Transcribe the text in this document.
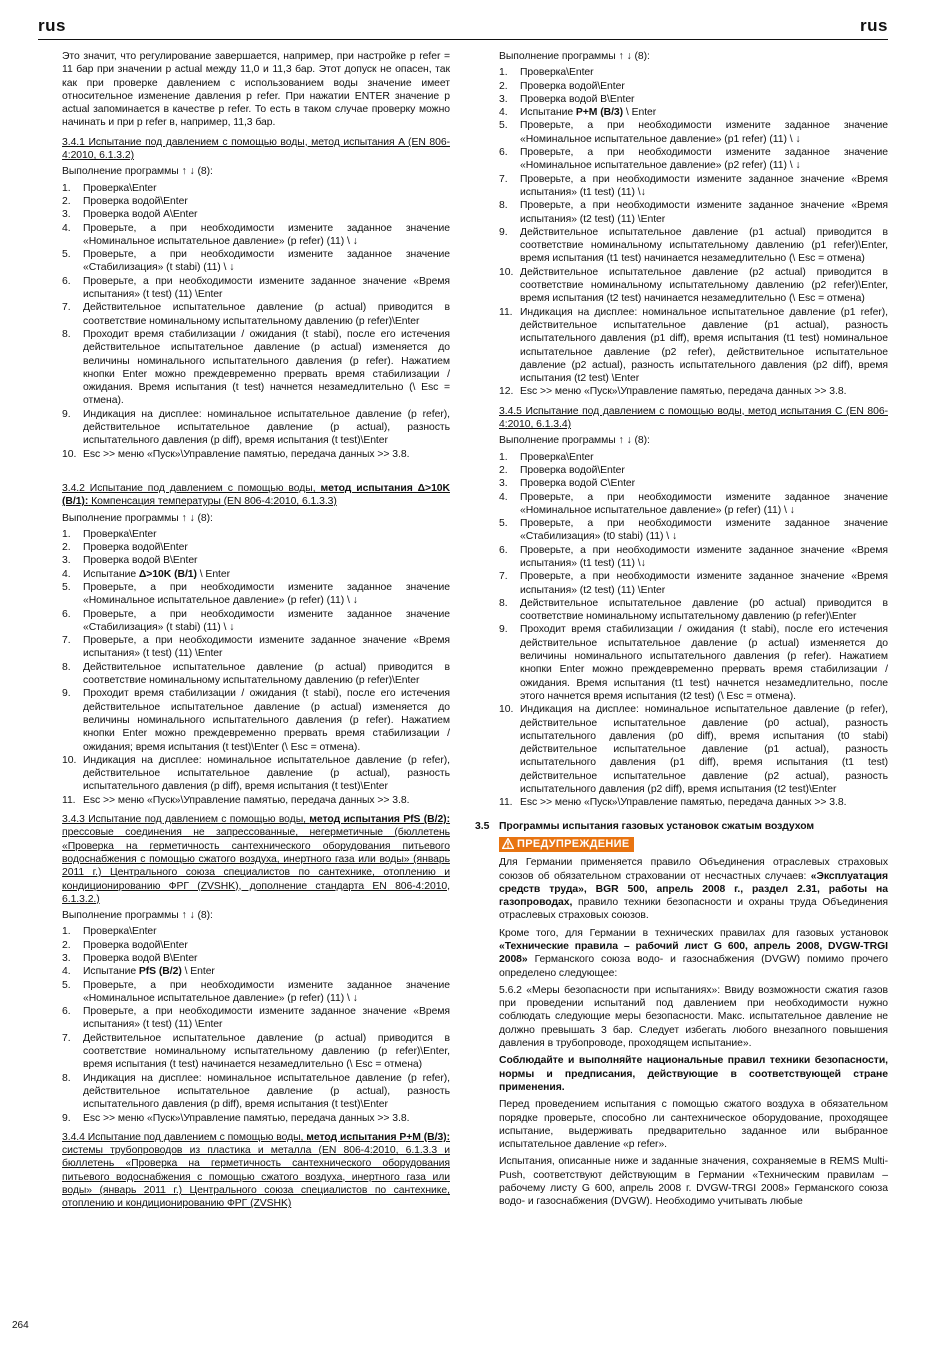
rus	rus

Это значит, что регулирование завершается, например, при настройке p refer = 11 бар при значении p actual между 11,0 и 11,3 бар. Этот допуск не опасен, так как при проверке давлением с использованием воды значение имеет относительное изменение давления p refer. При нажатии ENTER значение p actual запоминается в качестве p refer. То есть в таком случае проверку можно начинать и при p refer в, например, 11,3 бар.

3.4.1 Испытание под давлением с помощью воды, метод испытания A (EN 806-4:2010, 6.1.3.2)
Выполнение программы ↑ ↓ (8):
1. Проверка\Enter
2. Проверка водой\Enter
3. Проверка водой A\Enter
4. Проверьте, а при необходимости измените заданное значение «Номинальное испытательное давление» (p refer) (11) \ ↓
5. Проверьте, а при необходимости измените заданное значение «Стабилизация» (t stabi) (11) \ ↓
6. Проверьте, а при необходимости измените заданное значение «Время испытания» (t test) (11) \Enter
7. Действительное испытательное давление (p actual) приводится в соответствие номинальному испытательному давлению (p refer)\Enter
8. Проходит время стабилизации / ожидания (t stabi), после его истечения действительное испытательное давление (p actual) изменяется до величины номинального испытательного давления (p refer). Нажатием кнопки Enter можно преждевременно прервать время стабилизации / ожидания. Время испытания (t test) начнется незамедлительно (\ Esc = отмена).
9. Индикация на дисплее: номинальное испытательное давление (p refer), действительное испытательное давление (p actual), разность испытательного давления (p diff), время испытания (t test)\Enter
10. Esc >> меню «Пуск»\Управление памятью, передача данных >> 3.8.
3.4.2 Испытание под давлением с помощью воды, метод испытания Δ>10K (B/1): Компенсация температуры (EN 806-4:2010, 6.1.3.3)
Выполнение программы ↑ ↓ (8):
1. Проверка\Enter
2. Проверка водой\Enter
3. Проверка водой B\Enter
4. Испытание Δ>10K (B/1) \ Enter
5. Проверьте, а при необходимости измените заданное значение «Номинальное испытательное давление» (p refer) (11) \ ↓
6. Проверьте, а при необходимости измените заданное значение «Стабилизация» (t stabi) (11) \ ↓
7. Проверьте, а при необходимости измените заданное значение «Время испытания» (t test) (11) \Enter
8. Действительное испытательное давление (p actual) приводится в соответствие номинальному испытательному давлению (p refer)\Enter
9. Проходит время стабилизации / ожидания (t stabi), после его истечения действительное испытательное давление (p actual) изменяется до величины номинального испытательного давления (p refer). Нажатием кнопки Enter можно преждевременно прервать время стабилизации / ожидания; время испытания (t test)\Enter (\ Esc = отмена).
10. Индикация на дисплее: номинальное испытательное давление (p refer), действительное испытательное давление (p actual), разность испытательного давления (p diff), время испытания (t test)\Enter
11. Esc >> меню «Пуск»\Управление памятью, передача данных >> 3.8.
3.4.3 Испытание под давлением с помощью воды, метод испытания PfS (B/2): прессовые соединения не запрессованные, негерметичные (бюллетень «Проверка на герметичность сантехнического оборудования питьевого водоснабжения с помощью сжатого воздуха, инертного газа или воды» (январь 2011 г.) Центрального союза специалистов по сантехнике, отоплению и кондиционированию ФРГ (ZVSHK), дополнение стандарта EN 806-4:2010, 6.1.3.2.)
Выполнение программы ↑ ↓ (8):
1. Проверка\Enter
2. Проверка водой\Enter
3. Проверка водой B\Enter
4. Испытание PfS (B/2) \ Enter
5. Проверьте, а при необходимости измените заданное значение «Номинальное испытательное давление» (p refer) (11) \ ↓
6. Проверьте, а при необходимости измените заданное значение «Время испытания» (t test) (11) \Enter
7. Действительное испытательное давление (p actual) приводится в соответствие номинальному испытательному давлению (p refer)\Enter, время испытания (t test) начинается незамедлительно (\ Esc = отмена)
8. Индикация на дисплее: номинальное испытательное давление (p refer), действительное испытательное давление (p actual), разность испытательного давления (p diff), время испытания (t test)\Enter
9. Esc >> меню «Пуск»\Управление памятью, передача данных >> 3.8.
3.4.4 Испытание под давлением с помощью воды, метод испытания P+M (B/3): системы трубопроводов из пластика и металла (EN 806-4:2010, 6.1.3.3 и бюллетень «Проверка на герметичность сантехнического оборудования питьевого водоснабжения с помощью сжатого воздуха, инертного газа или воды» (январь 2011 г.) Центрального союза специалистов по сантехнике, отоплению и кондиционированию ФРГ (ZVSHK)
Выполнение программы ↑ ↓ (8):
1. Проверка\Enter
2. Проверка водой\Enter
3. Проверка водой B\Enter
4. Испытание P+M (B/3) \ Enter
5. Проверьте, а при необходимости измените заданное значение «Номинальное испытательное давление» (p1 refer) (11) \ ↓
6. Проверьте, а при необходимости измените заданное значение «Номинальное испытательное давление» (p2 refer) (11) \ ↓
7. Проверьте, а при необходимости измените заданное значение «Время испытания» (t1 test) (11) \↓
8. Проверьте, а при необходимости измените заданное значение «Время испытания» (t2 test) (11) \Enter
9. Действительное испытательное давление (p1 actual) приводится в соответствие номинальному испытательному давлению (p1 refer)\Enter, время испытания (t1 test) начинается незамедлительно (\ Esc = отмена)
10. Действительное испытательное давление (p2 actual) приводится в соответствие номинальному испытательному давлению (p2 refer)\Enter, время испытания (t2 test) начинается незамедлительно (\ Esc = отмена)
11. Индикация на дисплее: номинальное испытательное давление (p1 refer), действительное испытательное давление (p1 actual), разность испытательного давления (p1 diff), время испытания (t1 test) номинальное испытательное давление (p2 refer), действительное испытательное давление (p2 actual), разность испытательного давления (p2 diff), время испытания (t2 test) \Enter
12. Esc >> меню «Пуск»\Управление памятью, передача данных >> 3.8.
3.4.5 Испытание под давлением с помощью воды, метод испытания C (EN 806-4:2010, 6.1.3.4)
Выполнение программы ↑ ↓ (8):
1. Проверка\Enter
2. Проверка водой\Enter
3. Проверка водой C\Enter
4. Проверьте, а при необходимости измените заданное значение «Номинальное испытательное давление» (p refer) (11) \ ↓
5. Проверьте, а при необходимости измените заданное значение «Стабилизация» (t0 stabi) (11) \ ↓
6. Проверьте, а при необходимости измените заданное значение «Время испытания» (t1 test) (11) \↓
7. Проверьте, а при необходимости измените заданное значение «Время испытания» (t2 test) (11) \Enter
8. Действительное испытательное давление (p0 actual) приводится в соответствие номинальному испытательному давлению (p refer)\Enter
9. Проходит время стабилизации / ожидания (t stabi), после его истечения действительное испытательное давление (p actual) изменяется до величины номинального испытательного давления (p refer). Нажатием кнопки Enter можно преждевременно прервать время стабилизации / ожидания. Время испытания (t1 test) начнется незамедлительно, после этого начнется время испытания (t2 test) (\ Esc = отмена).
10. Индикация на дисплее: номинальное испытательное давление (p refer), действительное испытательное давление (p0 actual), разность испытательного давления (p0 diff), время испытания (t0 stabi) действительное испытательное давление (p1 actual), разность испытательного давления (p1 diff), время испытания (t1 test) действительное испытательное давление (p2 actual), разность испытательного давления (p2 diff), время испытания (t2 test)\Enter
11. Esc >> меню «Пуск»\Управление памятью, передача данных >> 3.8.
3.5 Программы испытания газовых установок сжатым воздухом
ПРЕДУПРЕЖДЕНИЕ

Для Германии применяется правило Объединения отраслевых страховых союзов об обязательном страховании от несчастных случаев: «Эксплуатация средств труда», BGR 500, апрель 2008 г., раздел 2.31, работы на газопроводах, правило техники безопасности и охраны труда Объединения отраслевых страховых союзов.

Кроме того, для Германии в технических правилах для газовых установок «Технические правила – рабочий лист G 600, апрель 2008, DVGW-TRGI 2008» Германского союза водо- и газоснабжения (DVGW) помимо прочего определено следующее:

5.6.2 «Меры безопасности при испытаниях»: Ввиду возможности сжатия газов при проведении испытаний под давлением при необходимости нужно соблюдать следующие меры безопасности. Макс. испытательное давление не должно превышать 3 бар. Следует избегать любого внезапного повышения давления в трубопроводе, проходящем испытание».

Соблюдайте и выполняйте национальные правил техники безопасности, нормы и предписания, действующие в соответствующей стране применения.

Перед проведением испытания с помощью сжатого воздуха в обязательном порядке проверьте, способно ли сантехническое оборудование, проходящее испытание, выдерживать предварительно заданное или выбранное испытательное давление «p refer».

Испытания, описанные ниже и заданные значения, сохраняемые в REMS Multi-Push, соответствуют действующим в Германии «Техническим правилам – рабочему листу G 600, апрель 2008 г. DVGW-TRGI 2008» Германского союза водо- и газоснабжения (DVGW). Необходимо учитывать любые

264
